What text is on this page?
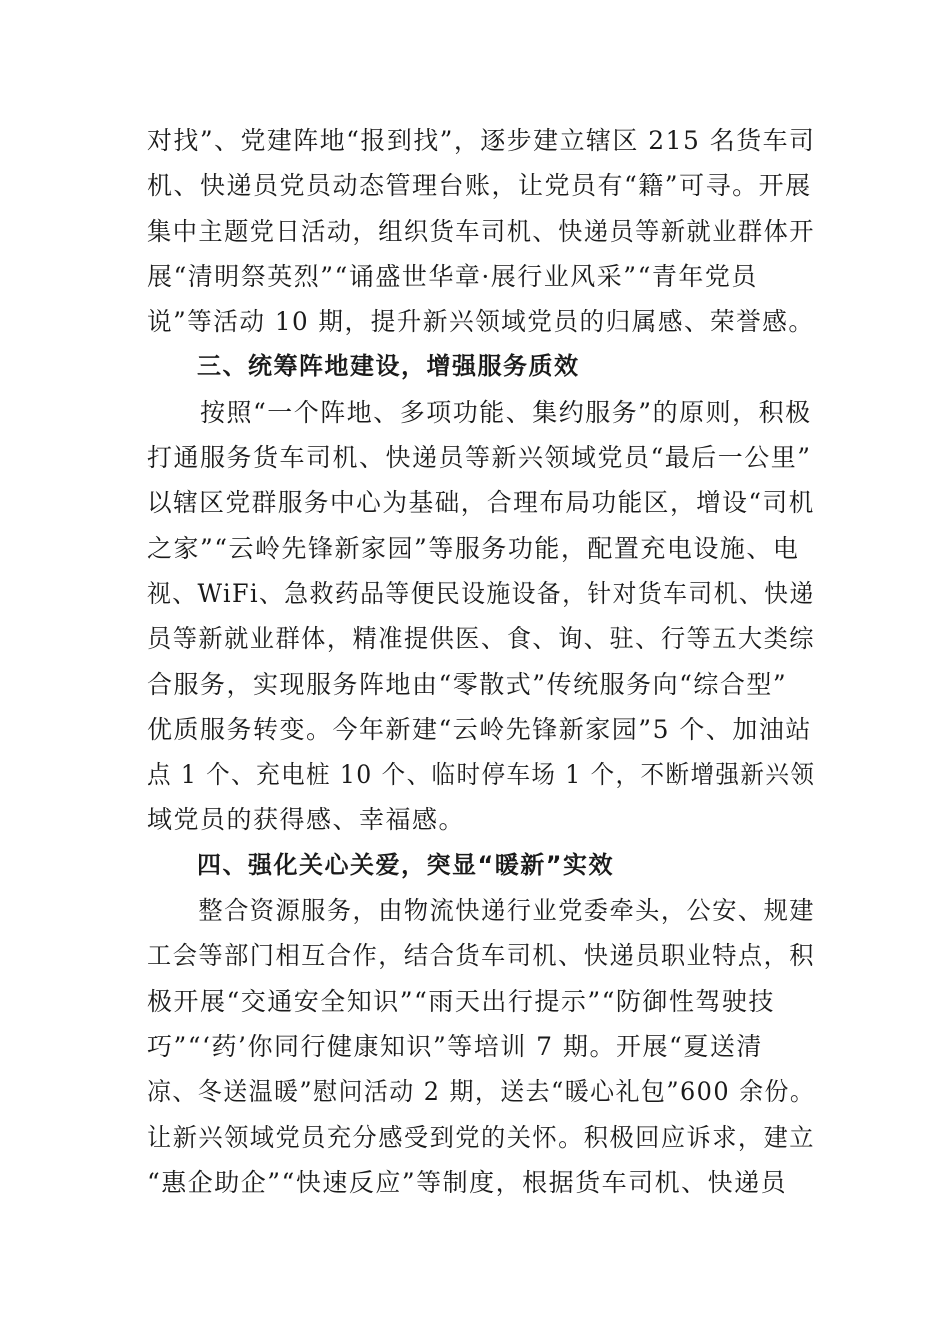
对找”、党建阵地“报到找”，逐步建立辖区 215 名货车司
机、快递员党员动态管理台账，让党员有“籍”可寻。开展
集中主题党日活动，组织货车司机、快递员等新就业群体开
展“清明祭英烈”“诵盛世华章·展行业风采”“青年党员
说”等活动 10 期，提升新兴领域党员的归属感、荣誉感。
三、统筹阵地建设，增强服务质效
　　按照“一个阵地、多项功能、集约服务”的原则，积极
打通服务货车司机、快递员等新兴领域党员“最后一公里”
以辖区党群服务中心为基础，合理布局功能区，增设“司机
之家”“云岭先锋新家园”等服务功能，配置充电设施、电
视、WiFi、急救药品等便民设施设备，针对货车司机、快递
员等新就业群体，精准提供医、食、询、驻、行等五大类综
合服务，实现服务阵地由“零散式”传统服务向“综合型”
优质服务转变。今年新建“云岭先锋新家园”5 个、加油站
点 1 个、充电桩 10 个、临时停车场 1 个，不断增强新兴领
域党员的获得感、幸福感。
四、强化关心关爱，突显“暖新”实效
　　整合资源服务，由物流快递行业党委牵头，公安、规建
工会等部门相互合作，结合货车司机、快递员职业特点，积
极开展“交通安全知识”“雨天出行提示”“防御性驾驶技
巧”“‘药’你同行健康知识”等培训 7 期。开展“夏送清
凉、冬送温暖”慰问活动 2 期，送去“暖心礼包”600 余份。
让新兴领域党员充分感受到党的关怀。积极回应诉求，建立
“惠企助企”“快速反应”等制度，根据货车司机、快递员
